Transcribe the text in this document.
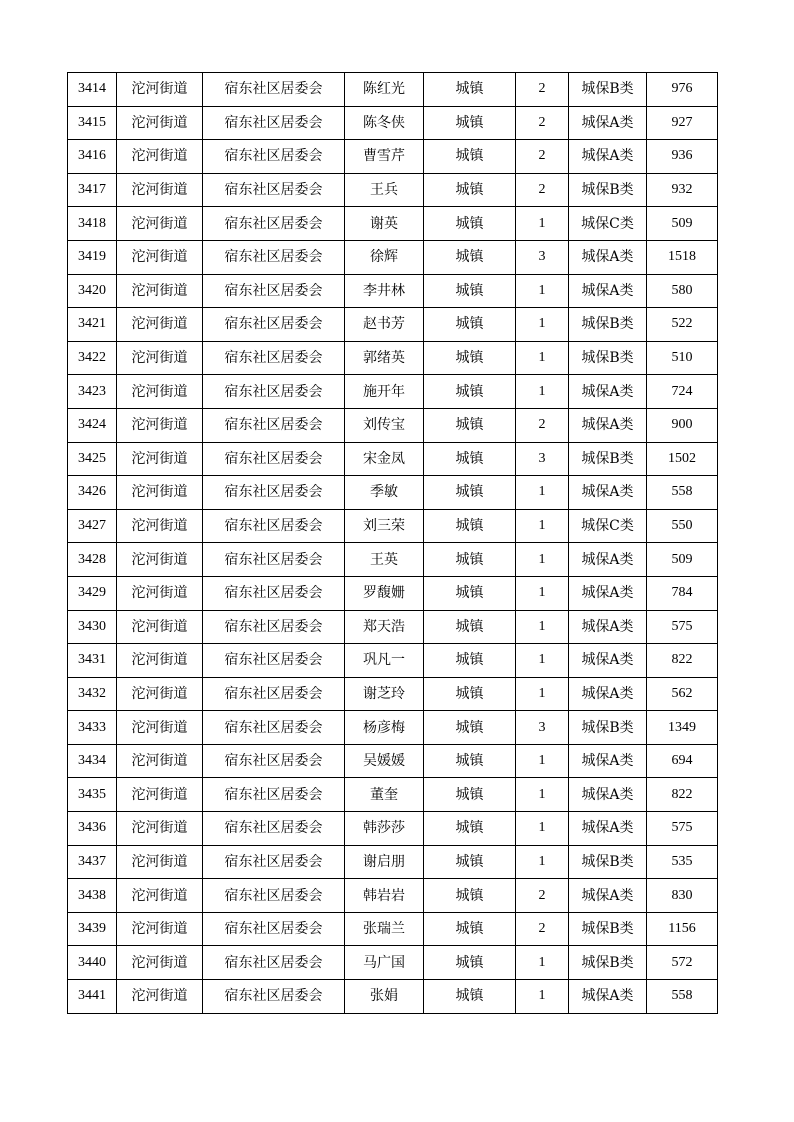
3414	沱河街道	宿东社区居委会	陈红光	城镇	2	城保B类	976
3415	沱河街道	宿东社区居委会	陈冬侠	城镇	2	城保A类	927
3416	沱河街道	宿东社区居委会	曹雪芹	城镇	2	城保A类	936
3417	沱河街道	宿东社区居委会	王兵	城镇	2	城保B类	932
3418	沱河街道	宿东社区居委会	谢英	城镇	1	城保C类	509
3419	沱河街道	宿东社区居委会	徐辉	城镇	3	城保A类	1518
3420	沱河街道	宿东社区居委会	李井林	城镇	1	城保A类	580
3421	沱河街道	宿东社区居委会	赵书芳	城镇	1	城保B类	522
3422	沱河街道	宿东社区居委会	郭绪英	城镇	1	城保B类	510
3423	沱河街道	宿东社区居委会	施开年	城镇	1	城保A类	724
3424	沱河街道	宿东社区居委会	刘传宝	城镇	2	城保A类	900
3425	沱河街道	宿东社区居委会	宋金凤	城镇	3	城保B类	1502
3426	沱河街道	宿东社区居委会	季敏	城镇	1	城保A类	558
3427	沱河街道	宿东社区居委会	刘三荣	城镇	1	城保C类	550
3428	沱河街道	宿东社区居委会	王英	城镇	1	城保A类	509
3429	沱河街道	宿东社区居委会	罗馥姗	城镇	1	城保A类	784
3430	沱河街道	宿东社区居委会	郑天浩	城镇	1	城保A类	575
3431	沱河街道	宿东社区居委会	巩凡一	城镇	1	城保A类	822
3432	沱河街道	宿东社区居委会	谢芝玲	城镇	1	城保A类	562
3433	沱河街道	宿东社区居委会	杨彦梅	城镇	3	城保B类	1349
3434	沱河街道	宿东社区居委会	吴媛媛	城镇	1	城保A类	694
3435	沱河街道	宿东社区居委会	董奎	城镇	1	城保A类	822
3436	沱河街道	宿东社区居委会	韩莎莎	城镇	1	城保A类	575
3437	沱河街道	宿东社区居委会	谢启朋	城镇	1	城保B类	535
3438	沱河街道	宿东社区居委会	韩岩岩	城镇	2	城保A类	830
3439	沱河街道	宿东社区居委会	张瑞兰	城镇	2	城保B类	1156
3440	沱河街道	宿东社区居委会	马广国	城镇	1	城保B类	572
3441	沱河街道	宿东社区居委会	张娟	城镇	1	城保A类	558
